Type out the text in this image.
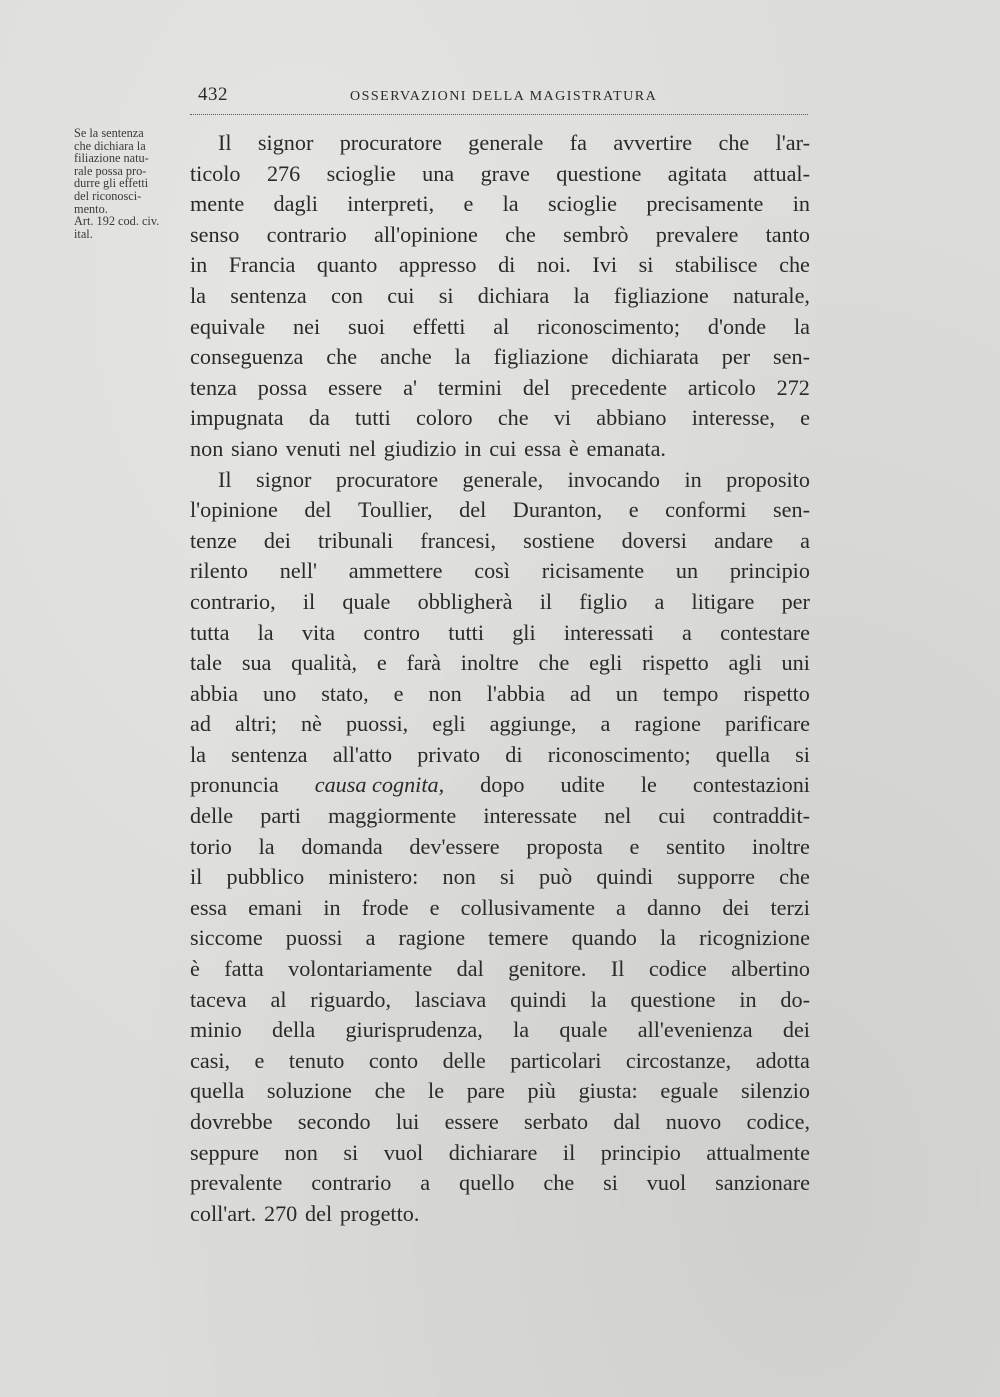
432	OSSERVAZIONI DELLA MAGISTRATURA
Se la sentenza
che dichiara la
filiazione natu-
rale possa pro-
durre gli effetti
del riconosci-
mento.
Art. 192 cod. civ.
ital.
Il signor procuratore generale fa avvertire che l'ar-
ticolo 276 scioglie una grave questione agitata attual-
mente dagli interpreti, e la scioglie precisamente in
senso contrario all'opinione che sembrò prevalere tanto
in Francia quanto appresso di noi. Ivi si stabilisce che
la sentenza con cui si dichiara la figliazione naturale,
equivale nei suoi effetti al riconoscimento; d'onde la
conseguenza che anche la figliazione dichiarata per sen-
tenza possa essere a' termini del precedente articolo 272
impugnata da tutti coloro che vi abbiano interesse, e
non siano venuti nel giudizio in cui essa è emanata.
Il signor procuratore generale, invocando in proposito
l'opinione del Toullier, del Duranton, e conformi sen-
tenze dei tribunali francesi, sostiene doversi andare a
rilento nell' ammettere così ricisamente un principio
contrario, il quale obbligherà il figlio a litigare per
tutta la vita contro tutti gli interessati a contestare
tale sua qualità, e farà inoltre che egli rispetto agli uni
abbia uno stato, e non l'abbia ad un tempo rispetto
ad altri; nè puossi, egli aggiunge, a ragione parificare
la sentenza all'atto privato di riconoscimento; quella si
pronuncia causa cognita, dopo udite le contestazioni
delle parti maggiormente interessate nel cui contraddit-
torio la domanda dev'essere proposta e sentito inoltre
il pubblico ministero: non si può quindi supporre che
essa emani in frode e collusivamente a danno dei terzi
siccome puossi a ragione temere quando la ricognizione
è fatta volontariamente dal genitore. Il codice albertino
taceva al riguardo, lasciava quindi la questione in do-
minio della giurisprudenza, la quale all'evenienza dei
casi, e tenuto conto delle particolari circostanze, adotta
quella soluzione che le pare più giusta: eguale silenzio
dovrebbe secondo lui essere serbato dal nuovo codice,
seppure non si vuol dichiarare il principio attualmente
prevalente contrario a quello che si vuol sanzionare
coll'art. 270 del progetto.
